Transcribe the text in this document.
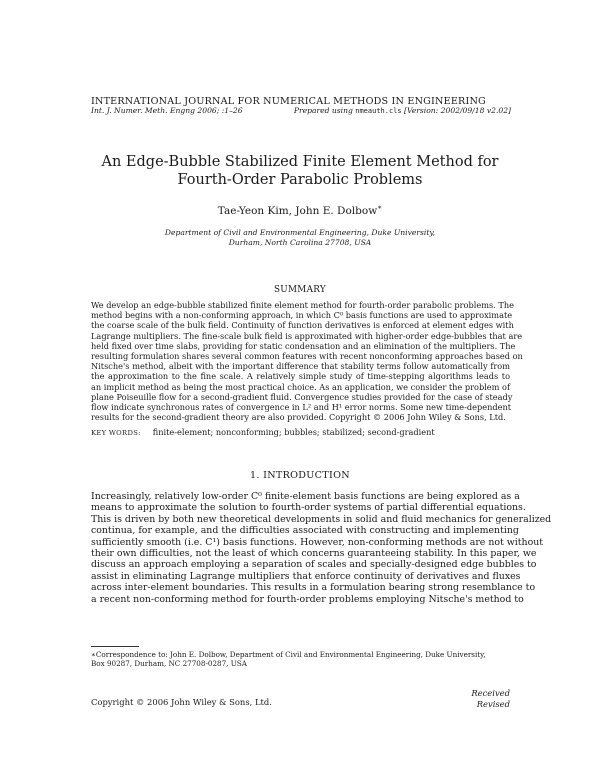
INTERNATIONAL JOURNAL FOR NUMERICAL METHODS IN ENGINEERING
Int. J. Numer. Meth. Engng 2006; :1–26	Prepared using nmeauth.cls [Version: 2002/09/18 v2.02]
An Edge-Bubble Stabilized Finite Element Method for
Fourth-Order Parabolic Problems
Tae-Yeon Kim, John E. Dolbow∗
Department of Civil and Environmental Engineering, Duke University,
Durham, North Carolina 27708, USA
SUMMARY
We develop an edge-bubble stabilized finite element method for fourth-order parabolic problems. The
method begins with a non-conforming approach, in which C⁰ basis functions are used to approximate
the coarse scale of the bulk field. Continuity of function derivatives is enforced at element edges with
Lagrange multipliers. The fine-scale bulk field is approximated with higher-order edge-bubbles that are
held fixed over time slabs, providing for static condensation and an elimination of the multipliers. The
resulting formulation shares several common features with recent nonconforming approaches based on
Nitsche's method, albeit with the important difference that stability terms follow automatically from
the approximation to the fine scale. A relatively simple study of time-stepping algorithms leads to
an implicit method as being the most practical choice. As an application, we consider the problem of
plane Poiseuille flow for a second-gradient fluid. Convergence studies provided for the case of steady
flow indicate synchronous rates of convergence in L² and H¹ error norms. Some new time-dependent
results for the second-gradient theory are also provided. Copyright © 2006 John Wiley & Sons, Ltd.
KEY WORDS: finite-element; nonconforming; bubbles; stabilized; second-gradient
1. INTRODUCTION
Increasingly, relatively low-order C⁰ finite-element basis functions are being explored as a
means to approximate the solution to fourth-order systems of partial differential equations.
This is driven by both new theoretical developments in solid and fluid mechanics for generalized
continua, for example, and the difficulties associated with constructing and implementing
sufficiently smooth (i.e. C¹) basis functions. However, non-conforming methods are not without
their own difficulties, not the least of which concerns guaranteeing stability. In this paper, we
discuss an approach employing a separation of scales and specially-designed edge bubbles to
assist in eliminating Lagrange multipliers that enforce continuity of derivatives and fluxes
across inter-element boundaries. This results in a formulation bearing strong resemblance to
a recent non-conforming method for fourth-order problems employing Nitsche's method to
∗Correspondence to: John E. Dolbow, Department of Civil and Environmental Engineering, Duke University,
Box 90287, Durham, NC 27708-0287, USA
Copyright © 2006 John Wiley & Sons, Ltd.
Received
Revised
